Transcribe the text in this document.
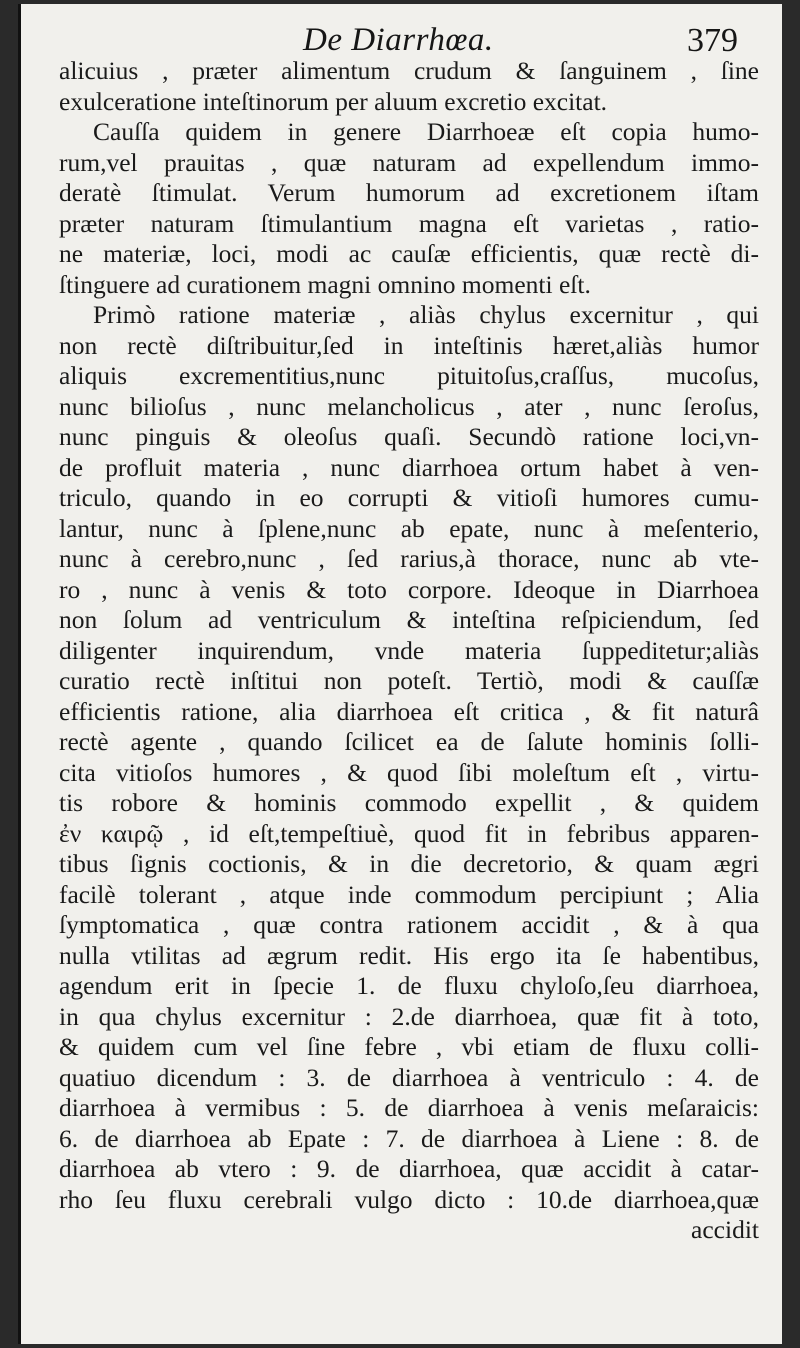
De Diarrhœa.	379
alicuius , præter alimentum crudum & ſanguinem , ſine
exulceratione inteſtinorum per aluum excretio excitat.
Cauſſa quidem in genere Diarrhoeæ eſt copia humo-
rum,vel prauitas , quæ naturam ad expellendum immo-
deratè ſtimulat. Verum humorum ad excretionem iſtam
præter naturam ſtimulantium magna eſt varietas , ratio-
ne materiæ, loci, modi ac cauſæ efficientis, quæ rectè di-
ſtinguere ad curationem magni omnino momenti eſt.
Primò ratione materiæ , aliàs chylus excernitur , qui
non rectè diſtribuitur,ſed in inteſtinis hæret,aliàs humor
aliquis excrementitius,nunc pituitoſus,craſſus, mucoſus,
nunc bilioſus , nunc melancholicus , ater , nunc ſeroſus,
nunc pinguis & oleoſus quaſi. Secundò ratione loci,vn-
de profluit materia , nunc diarrhoea ortum habet à ven-
triculo, quando in eo corrupti & vitioſi humores cumu-
lantur, nunc à ſplene,nunc ab epate, nunc à meſenterio,
nunc à cerebro,nunc , ſed rarius,à thorace, nunc ab vte-
ro , nunc à venis & toto corpore. Ideoque in Diarrhoea
non ſolum ad ventriculum & inteſtina reſpiciendum, ſed
diligenter inquirendum, vnde materia ſuppeditetur;aliàs
curatio rectè inſtitui non poteſt. Tertiò, modi & cauſſæ
efficientis ratione, alia diarrhoea eſt critica , & fit naturâ
rectè agente , quando ſcilicet ea de ſalute hominis ſolli-
cita vitioſos humores , & quod ſibi moleſtum eſt , virtu-
tis robore & hominis commodo expellit , & quidem
ἐν καιρῷ , id eſt,tempeſtiuè, quod fit in febribus apparen-
tibus ſignis coctionis, & in die decretorio, & quam ægri
facilè tolerant , atque inde commodum percipiunt ; Alia
ſymptomatica , quæ contra rationem accidit , & à qua
nulla vtilitas ad ægrum redit. His ergo ita ſe habentibus,
agendum erit in ſpecie 1. de fluxu chyloſo,ſeu diarrhoea,
in qua chylus excernitur : 2.de diarrhoea, quæ fit à toto,
& quidem cum vel ſine febre , vbi etiam de fluxu colli-
quatiuo dicendum : 3. de diarrhoea à ventriculo : 4. de
diarrhoea à vermibus : 5. de diarrhoea à venis meſaraicis:
6. de diarrhoea ab Epate : 7. de diarrhoea à Liene : 8. de
diarrhoea ab vtero : 9. de diarrhoea, quæ accidit à catar-
rho ſeu fluxu cerebrali vulgo dicto : 10.de diarrhoea,quæ
accidit
